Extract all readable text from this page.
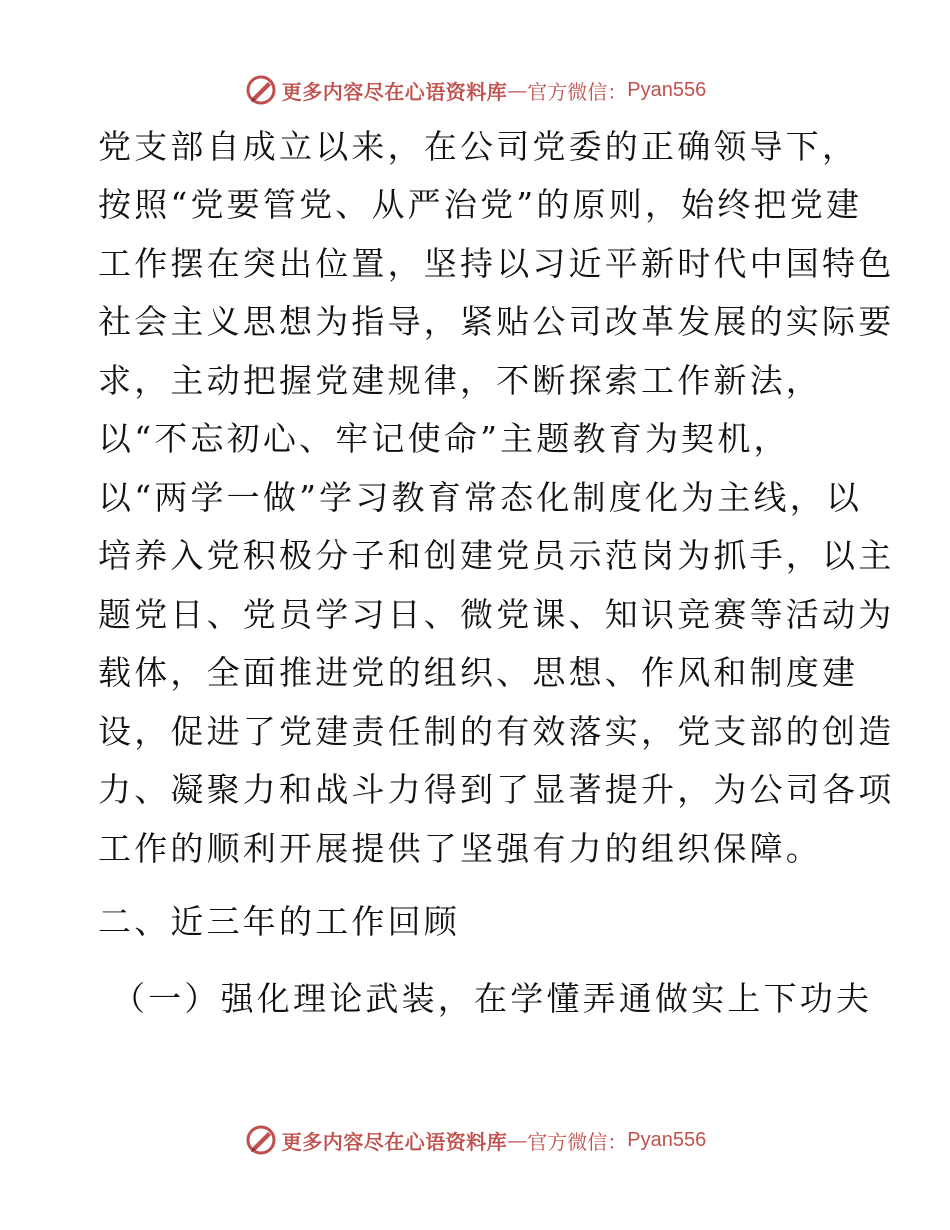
更多内容尽在心语资料库 — 官方微信： Pyan556
党支部自成立以来，在公司党委的正确领导下，
按照“党要管党、从严治党”的原则，始终把党建
工作摆在突出位置，坚持以习近平新时代中国特色
社会主义思想为指导，紧贴公司改革发展的实际要
求，主动把握党建规律，不断探索工作新法，
以“不忘初心、牢记使命”主题教育为契机，
以“两学一做”学习教育常态化制度化为主线，以
培养入党积极分子和创建党员示范岗为抓手，以主
题党日、党员学习日、微党课、知识竞赛等活动为
载体，全面推进党的组织、思想、作风和制度建
设，促进了党建责任制的有效落实，党支部的创造
力、凝聚力和战斗力得到了显著提升，为公司各项
工作的顺利开展提供了坚强有力的组织保障。
二、近三年的工作回顾
（一）强化理论武装，在学懂弄通做实上下功夫
更多内容尽在心语资料库 — 官方微信： Pyan556
